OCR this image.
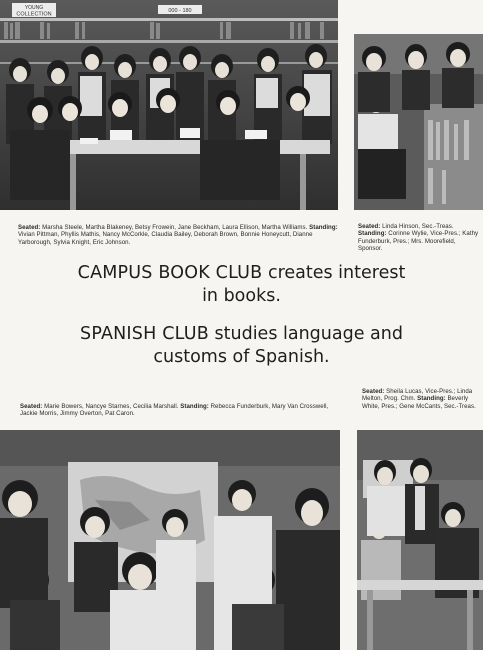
YOUNG
COLLECTION
000 - 180
Seated: Marsha Steele, Martha Blakeney, Betsy Frowein, Jane Beckham, Laura Ellison, Martha Williams. Standing: Vivian Pittman, Phyllis Mathis, Nancy McCorkle, Claudia Bailey, Deborah Brown, Bonnie Honeycutt, Dianne Yarborough, Sylvia Knight, Eric Johnson.
Seated: Linda Hinson, Sec.-Treas. Standing: Corinne Wylie, Vice-Pres.; Kathy Funderburk, Pres.; Mrs. Moorefield, Sponsor.
CAMPUS BOOK CLUB creates interest
in books.
SPANISH CLUB studies language and
customs of Spanish.
Seated: Marie Bowers, Nancye Starnes, Cecilia Marshall. Standing: Rebecca Funderburk, Mary Van Crosswell, Jackie Morris, Jimmy Overton, Pat Caron.
Seated: Sheila Lucas, Vice-Pres.; Linda Melton, Prog. Chm. Standing: Beverly White, Pres.; Gene McCants, Sec.-Treas.
